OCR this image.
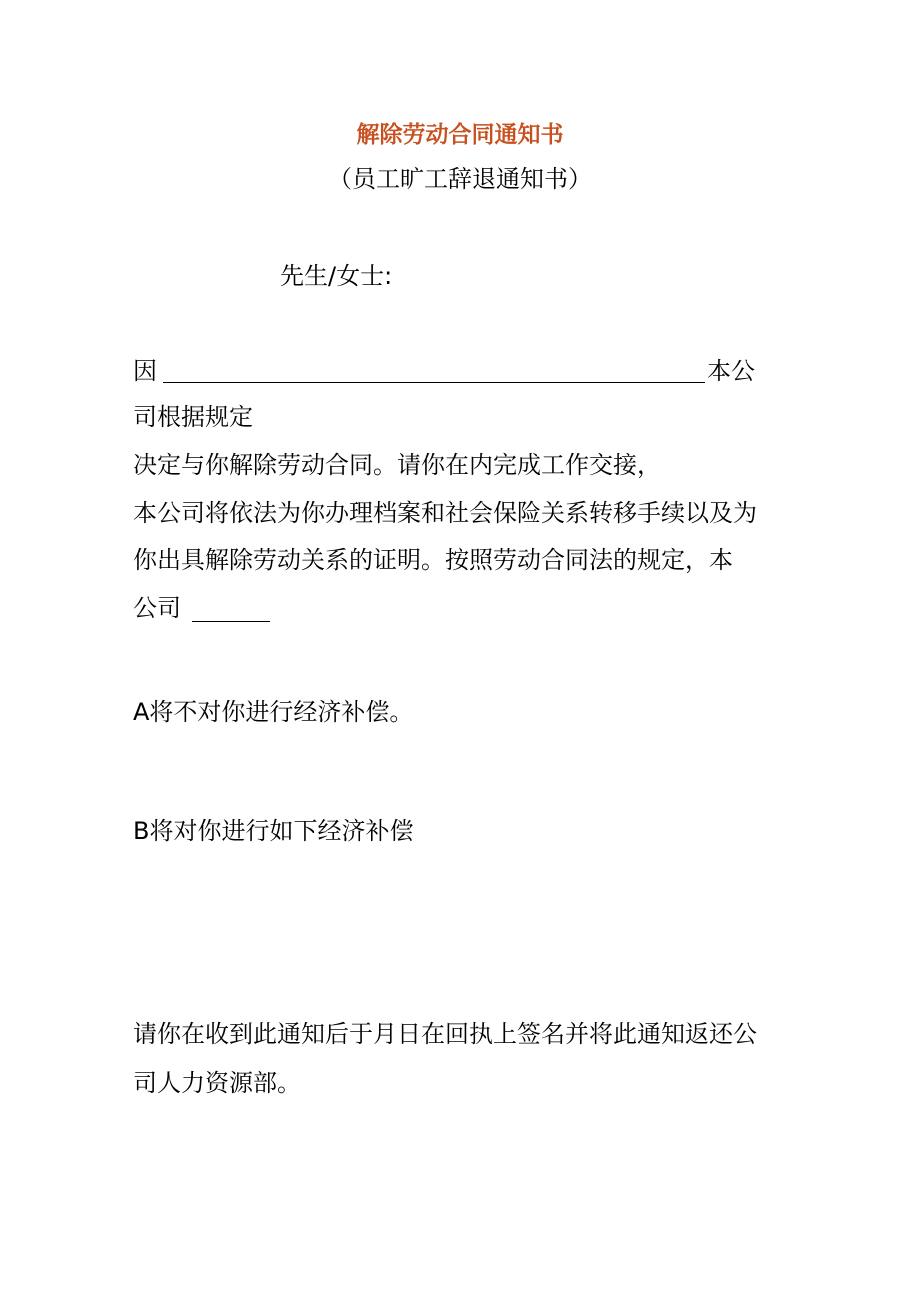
解除劳动合同通知书
（员工旷工辞退通知书）
先生/女士:
因	本公
司根据规定
决定与你解除劳动合同。请你在内完成工作交接，
本公司将依法为你办理档案和社会保险关系转移手续以及为
你出具解除劳动关系的证明。按照劳动合同法的规定，本
公司
A将不对你进行经济补偿。
B将对你进行如下经济补偿
请你在收到此通知后于月日在回执上签名并将此通知返还公
司人力资源部。
